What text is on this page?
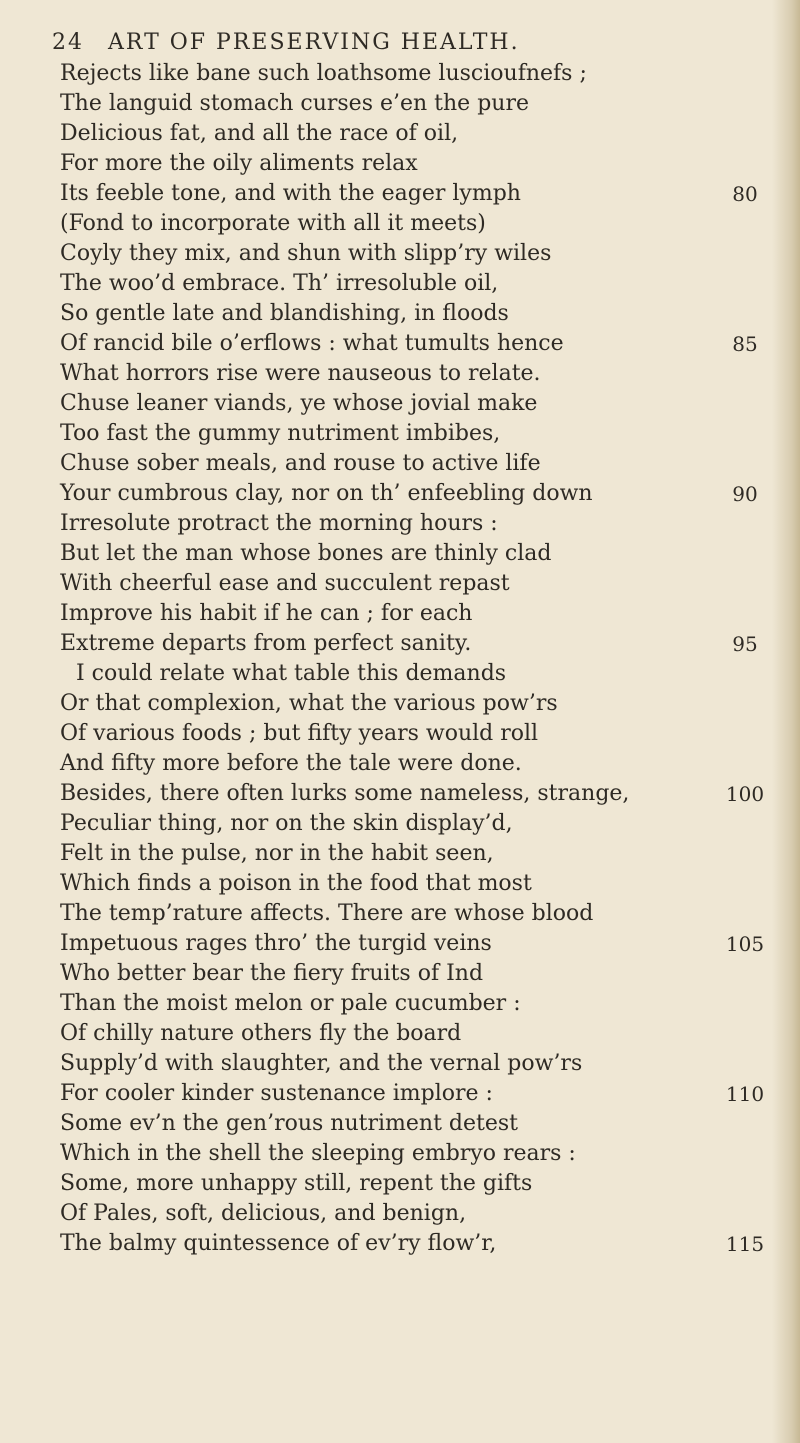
24 ART OF PRESERVING HEALTH.
Rejects like bane such loathsome luscioufnefs ;
The languid stomach curses e’en the pure
Delicious fat, and all the race of oil,
For more the oily aliments relax
Its feeble tone, and with the eager lymph
(Fond to incorporate with all it meets)
Coyly they mix, and shun with slipp’ry wiles
The woo’d embrace. Th’ irresoluble oil,
So gentle late and blandishing, in floods
Of rancid bile o’erflows : what tumults hence
What horrors rise were nauseous to relate.
Chuse leaner viands, ye whose jovial make
Too fast the gummy nutriment imbibes,
Chuse sober meals, and rouse to active life
Your cumbrous clay, nor on th’ enfeebling down
Irresolute protract the morning hours :
But let the man whose bones are thinly clad
With cheerful ease and succulent repast
Improve his habit if he can ; for each
Extreme departs from perfect sanity.
I could relate what table this demands
Or that complexion, what the various pow’rs
Of various foods ; but fifty years would roll
And fifty more before the tale were done.
Besides, there often lurks some nameless, strange,
Peculiar thing, nor on the skin display’d,
Felt in the pulse, nor in the habit seen,
Which finds a poison in the food that most
The temp’rature affects. There are whose blood
Impetuous rages thro’ the turgid veins
Who better bear the fiery fruits of Ind
Than the moist melon or pale cucumber :
Of chilly nature others fly the board
Supply’d with slaughter, and the vernal pow’rs
For cooler kinder sustenance implore :
Some ev’n the gen’rous nutriment detest
Which in the shell the sleeping embryo rears :
Some, more unhappy still, repent the gifts
Of Pales, soft, delicious, and benign,
The balmy quintessence of ev’ry flow’r,
80
85
90
95
100
105
110
115
